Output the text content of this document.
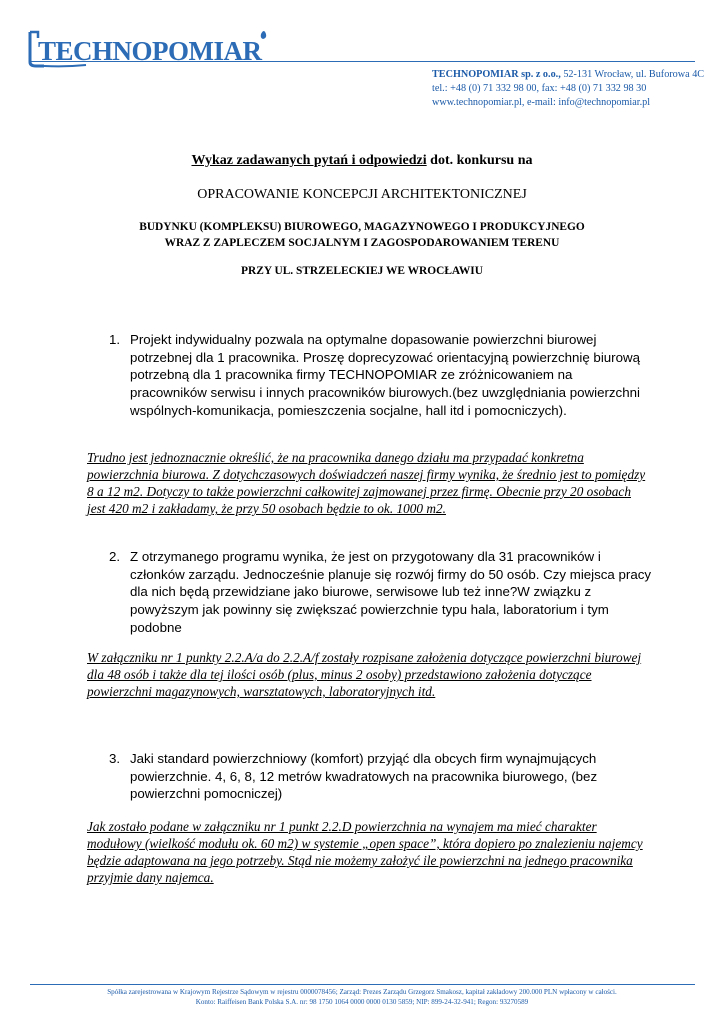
TECHNOPOMIAR
TECHNOPOMIAR sp. z o.o., 52-131 Wrocław, ul. Buforowa 4C
tel.: +48 (0) 71 332 98 00, fax: +48 (0) 71 332 98 30
www.technopomiar.pl, e-mail: info@technopomiar.pl
Wykaz zadawanych pytań i odpowiedzi dot. konkursu na
OPRACOWANIE KONCEPCJI ARCHITEKTONICZNEJ
BUDYNKU (KOMPLEKSU) BIUROWEGO, MAGAZYNOWEGO I PRODUKCYJNEGO
WRAZ Z ZAPLECZEM SOCJALNYM I ZAGOSPODAROWANIEM TERENU
PRZY UL. STRZELECKIEJ WE WROCŁAWIU
1. Projekt indywidualny pozwala na optymalne dopasowanie powierzchni biurowej potrzebnej dla 1 pracownika. Proszę doprecyzować orientacyjną powierzchnię biurową potrzebną dla 1 pracownika firmy TECHNOPOMIAR ze zróżnicowaniem na pracowników serwisu i innych pracowników biurowych.(bez uwzględniania powierzchni wspólnych-komunikacja, pomieszczenia socjalne, hall itd i pomocniczych).
Trudno jest jednoznacznie określić, że na pracownika danego działu ma przypadać konkretna powierzchnia biurowa. Z dotychczasowych doświadczeń naszej firmy wynika, że średnio jest to pomiędzy 8 a 12 m2. Dotyczy to także powierzchni całkowitej zajmowanej przez firmę. Obecnie przy 20 osobach jest 420 m2 i zakładamy, że przy 50 osobach będzie to ok. 1000 m2.
2. Z otrzymanego programu wynika, że jest on przygotowany dla 31 pracowników i członków zarządu. Jednocześnie planuje się rozwój firmy do 50 osób. Czy miejsca pracy dla nich będą przewidziane jako biurowe, serwisowe lub też inne?W związku z powyższym jak powinny się zwiększać powierzchnie typu hala, laboratorium i tym podobne
W załączniku nr 1 punkty 2.2.A/a do 2.2.A/f zostały rozpisane założenia dotyczące powierzchni biurowej dla 48 osób i także dla tej ilości osób (plus, minus 2 osoby) przedstawiono założenia dotyczące powierzchni magazynowych, warsztatowych, laboratoryjnych itd.
3. Jaki standard powierzchniowy (komfort) przyjąć dla obcych firm wynajmujących powierzchnie. 4, 6, 8, 12 metrów kwadratowych na pracownika biurowego, (bez powierzchni pomocniczej)
Jak zostało podane w załączniku nr 1 punkt 2.2.D powierzchnia na wynajem ma mieć charakter modułowy (wielkość modułu ok. 60 m2) w systemie „open space”, która dopiero po znalezieniu najemcy będzie adaptowana na jego potrzeby. Stąd nie możemy założyć ile powierzchni na jednego pracownika przyjmie dany najemca.
Spółka zarejestrowana w Krajowym Rejestrze Sądowym w rejestru 0000078456; Zarząd: Prezes Zarządu Grzegorz Smakosz, kapitał zakładowy 200.000 PLN wpłacony w całości.
Konto: Raiffeisen Bank Polska S.A. nr: 98 1750 1064 0000 0000 0130 5859; NIP: 899-24-32-941; Regon: 93270589
